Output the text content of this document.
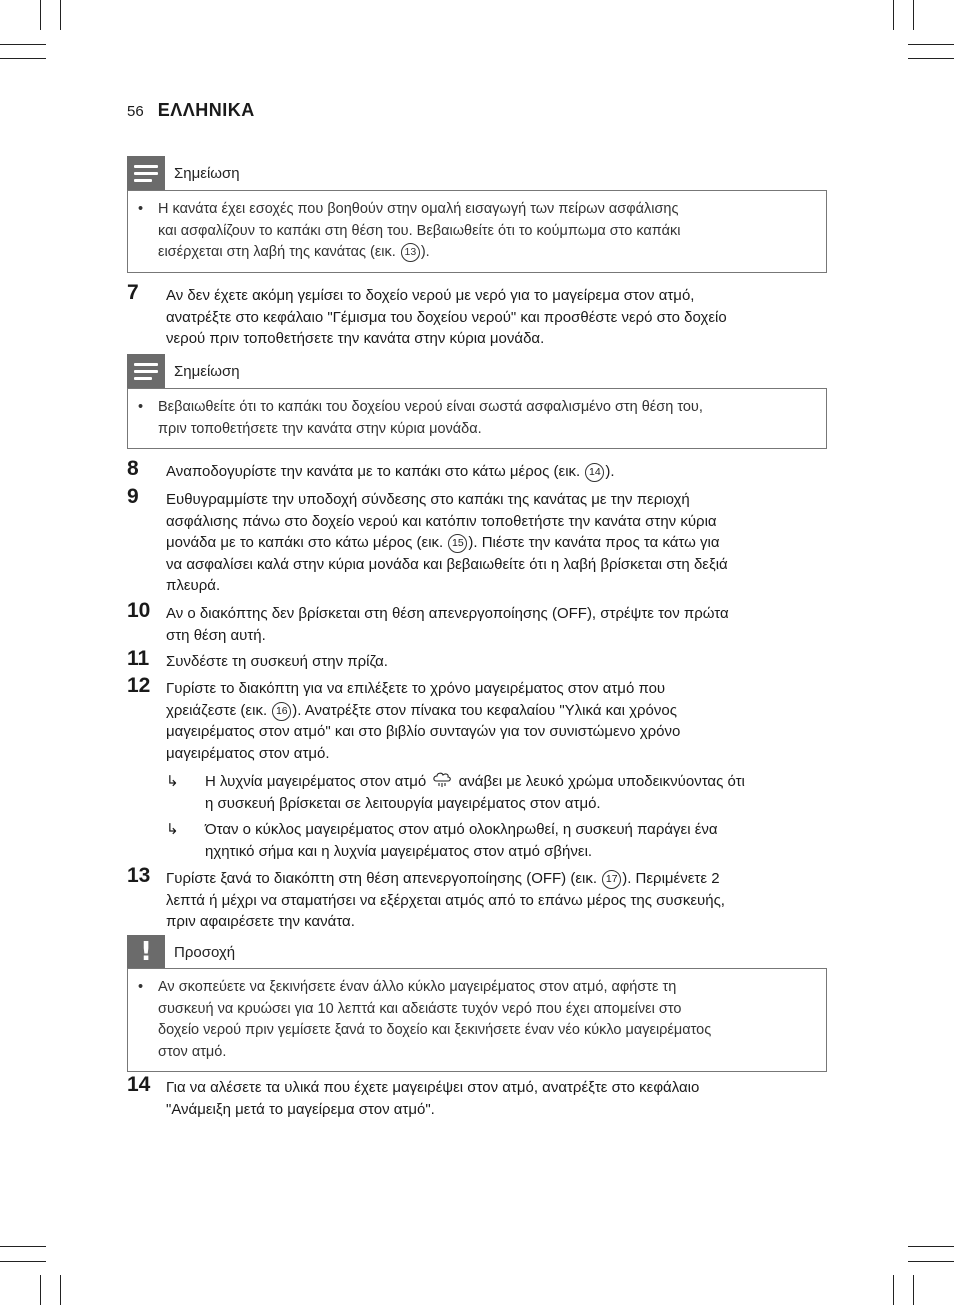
56 ΕΛΛΗΝΙΚΑ
Σημείωση
• Η κανάτα έχει εσοχές που βοηθούν στην ομαλή εισαγωγή των πείρων ασφάλισης
και ασφαλίζουν το καπάκι στη θέση του. Βεβαιωθείτε ότι το κούμπωμα στο καπάκι
εισέρχεται στη λαβή της κανάτας (εικ. 13 ).
7 Αν δεν έχετε ακόμη γεμίσει το δοχείο νερού με νερό για το μαγείρεμα στον ατμό,
ανατρέξτε στο κεφάλαιο "Γέμισμα του δοχείου νερού" και προσθέστε νερό στο δοχείο
νερού πριν τοποθετήσετε την κανάτα στην κύρια μονάδα.
Σημείωση
• Βεβαιωθείτε ότι το καπάκι του δοχείου νερού είναι σωστά ασφαλισμένο στη θέση του,
πριν τοποθετήσετε την κανάτα στην κύρια μονάδα.
8 Αναποδογυρίστε την κανάτα με το καπάκι στο κάτω μέρος (εικ. 14 ).
9 Ευθυγραμμίστε την υποδοχή σύνδεσης στο καπάκι της κανάτας με την περιοχή
ασφάλισης πάνω στο δοχείο νερού και κατόπιν τοποθετήστε την κανάτα στην κύρια
μονάδα με το καπάκι στο κάτω μέρος (εικ. 15 ). Πιέστε την κανάτα προς τα κάτω για
να ασφαλίσει καλά στην κύρια μονάδα και βεβαιωθείτε ότι η λαβή βρίσκεται στη δεξιά
πλευρά.
10 Αν ο διακόπτης δεν βρίσκεται στη θέση απενεργοποίησης (OFF), στρέψτε τον πρώτα
στη θέση αυτή.
11 Συνδέστε τη συσκευή στην πρίζα.
12 Γυρίστε το διακόπτη για να επιλέξετε το χρόνο μαγειρέματος στον ατμό που
χρειάζεστε (εικ. 16 ). Ανατρέξτε στον πίνακα του κεφαλαίου "Υλικά και χρόνος
μαγειρέματος στον ατμό" και στο βιβλίο συνταγών για τον συνιστώμενο χρόνο
μαγειρέματος στον ατμό.
↳ Η λυχνία μαγειρέματος στον ατμό  ανάβει με λευκό χρώμα υποδεικνύοντας ότι
η συσκευή βρίσκεται σε λειτουργία μαγειρέματος στον ατμό.
↳ Όταν ο κύκλος μαγειρέματος στον ατμό ολοκληρωθεί, η συσκευή παράγει ένα
ηχητικό σήμα και η λυχνία μαγειρέματος στον ατμό σβήνει.
13 Γυρίστε ξανά το διακόπτη στη θέση απενεργοποίησης (OFF) (εικ. 17 ). Περιμένετε 2
λεπτά ή μέχρι να σταματήσει να εξέρχεται ατμός από το επάνω μέρος της συσκευής,
πριν αφαιρέσετε την κανάτα.
!	Προσοχή
• Αν σκοπεύετε να ξεκινήσετε έναν άλλο κύκλο μαγειρέματος στον ατμό, αφήστε τη
συσκευή να κρυώσει για 10 λεπτά και αδειάστε τυχόν νερό που έχει απομείνει στο
δοχείο νερού πριν γεμίσετε ξανά το δοχείο και ξεκινήσετε έναν νέο κύκλο μαγειρέματος
στον ατμό.
14 Για να αλέσετε τα υλικά που έχετε μαγειρέψει στον ατμό, ανατρέξτε στο κεφάλαιο
"Ανάμειξη μετά το μαγείρεμα στον ατμό".
